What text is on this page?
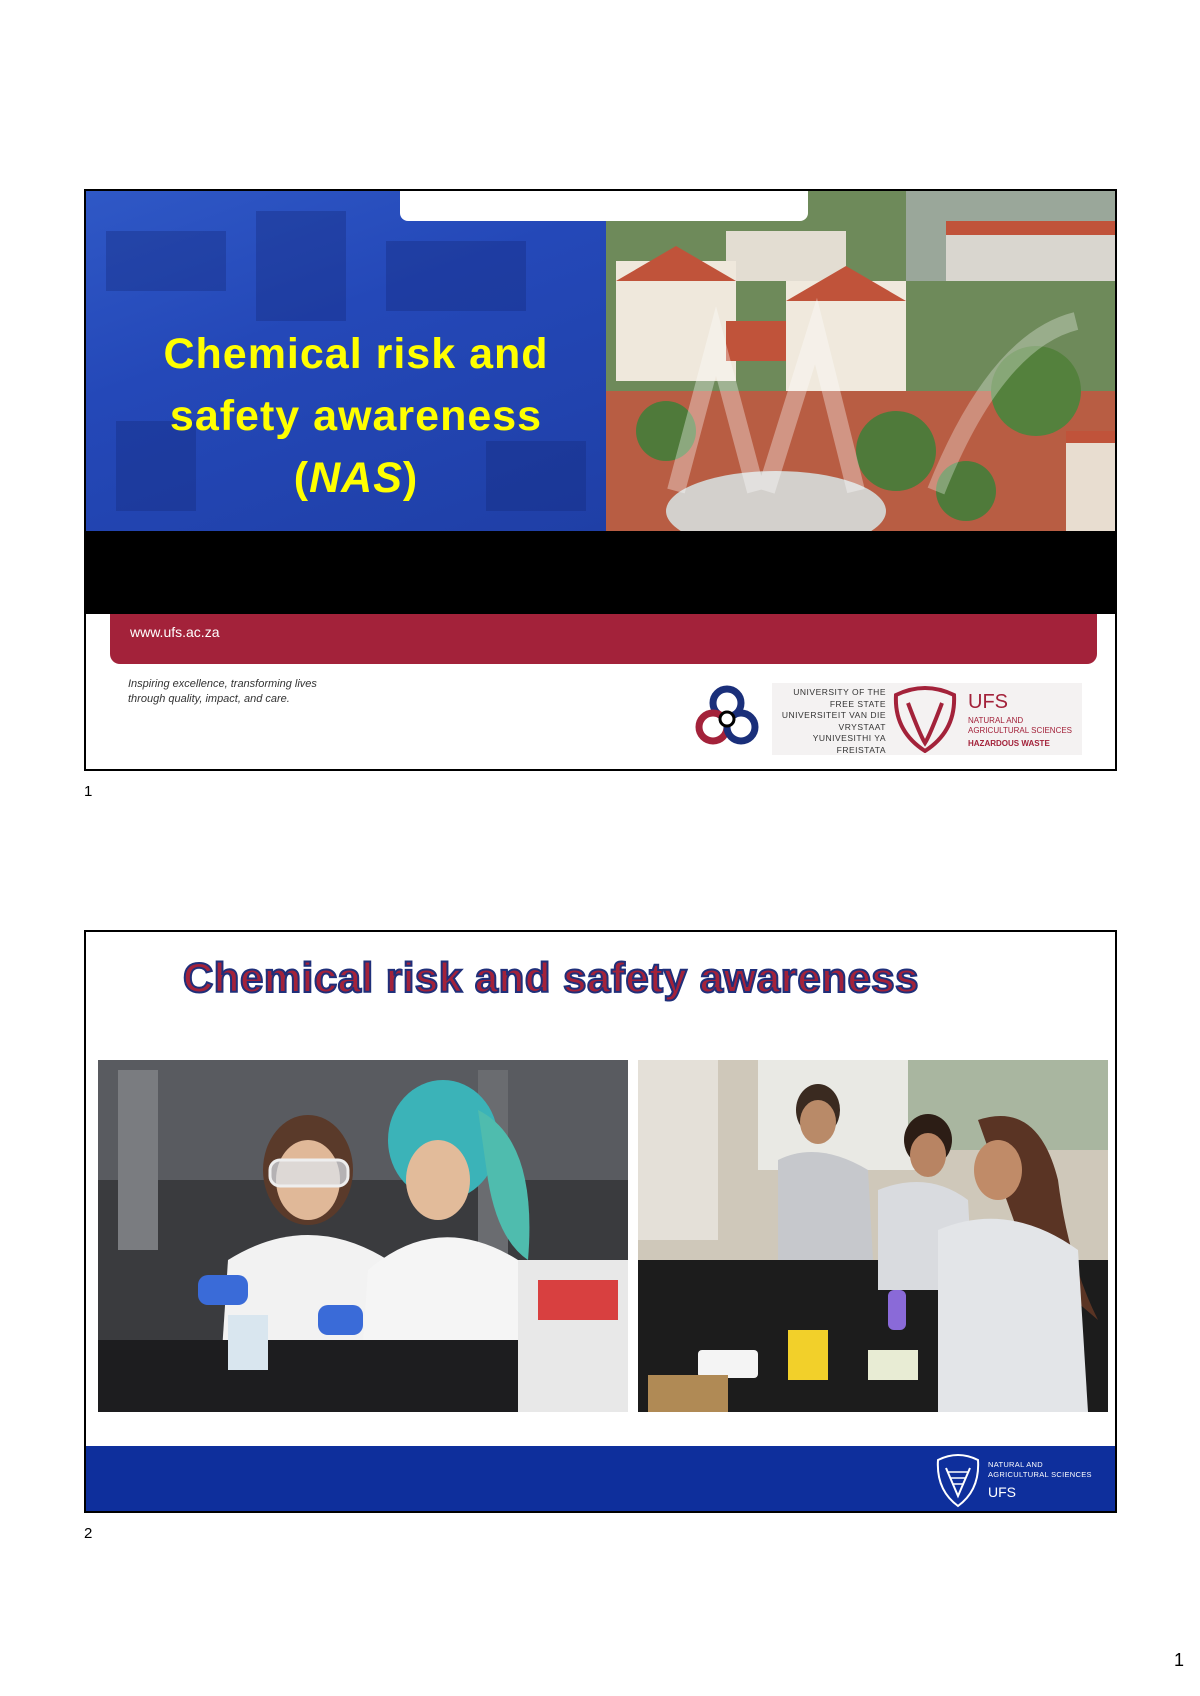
Chemical risk and
safety awareness
(NAS)
www.ufs.ac.za
Inspiring excellence, transforming lives
through quality, impact, and care.
UNIVERSITY OF THE
FREE STATE
UNIVERSITEIT VAN DIE
VRYSTAAT
YUNIVESITHI YA
FREISTATA
UFS
NATURAL AND
AGRICULTURAL SCIENCES
HAZARDOUS WASTE
1
Chemical risk and safety awareness
NATURAL AND
AGRICULTURAL SCIENCES
UFS
2
1
